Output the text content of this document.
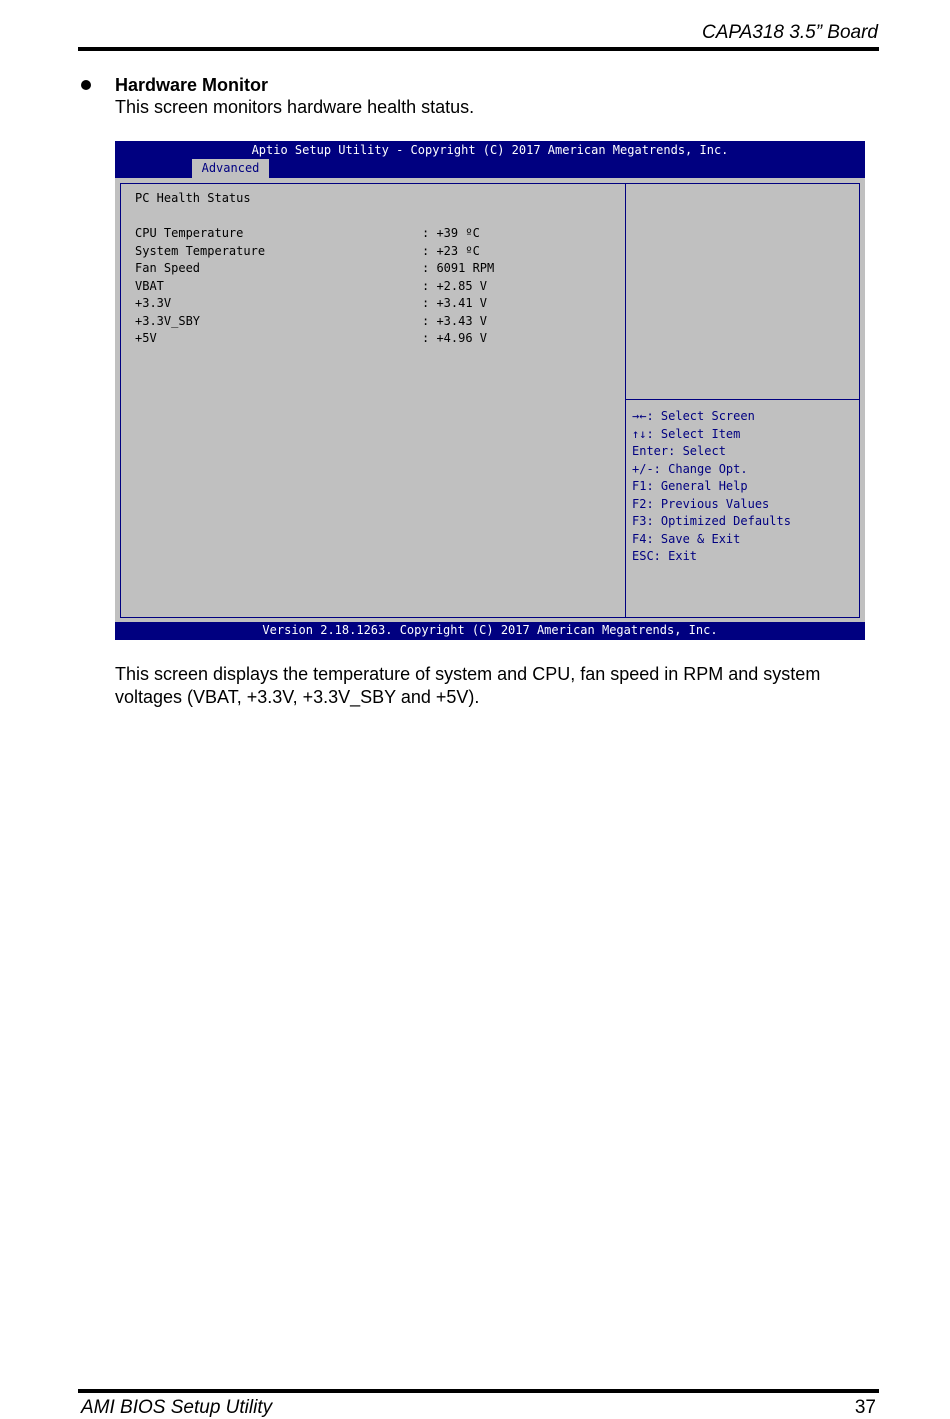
CAPA318 3.5” Board
Hardware Monitor
This screen monitors hardware health status.
Aptio Setup Utility - Copyright (C) 2017 American Megatrends, Inc.
Advanced
PC Health Status
CPU Temperature	: +39 ºC
System Temperature	: +23 ºC
Fan Speed	: 6091 RPM
VBAT	: +2.85 V
+3.3V	: +3.41 V
+3.3V_SBY	: +3.43 V
+5V	: +4.96 V
→←: Select Screen
↑↓: Select Item
Enter: Select
+/-: Change Opt.
F1: General Help
F2: Previous Values
F3: Optimized Defaults
F4: Save & Exit
ESC: Exit
Version 2.18.1263. Copyright (C) 2017 American Megatrends, Inc.
This screen displays the temperature of system and CPU, fan speed in RPM and system voltages (VBAT, +3.3V, +3.3V_SBY and +5V).
AMI BIOS Setup Utility	37
